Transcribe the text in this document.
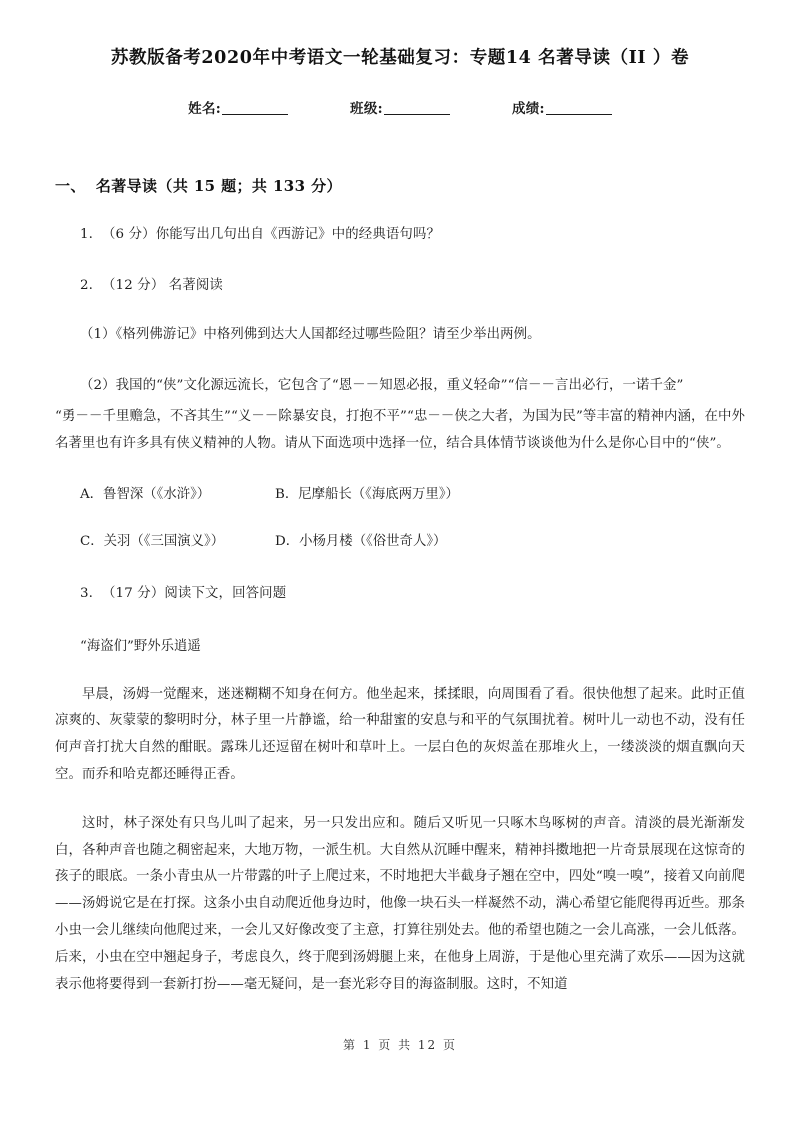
苏教版备考2020年中考语文一轮基础复习：专题14 名著导读（II ）卷
姓名:	班级:	成绩:
一、 名著导读（共 15 题；共 133 分）
1. （6 分）你能写出几句出自《西游记》中的经典语句吗？
2. （12 分） 名著阅读
（1）《格列佛游记》中格列佛到达大人国都经过哪些险阻？请至少举出两例。
（2）我国的“侠”文化源远流长，它包含了“恩－－知恩必报，重义轻命”“信－－言出必行，一诺千金”
“勇－－千里赡急，不吝其生”“义－－除暴安良，打抱不平”“忠－－侠之大者，为国为民”等丰富的精神内涵，在中外名著里也有许多具有侠义精神的人物。请从下面选项中选择一位，结合具体情节谈谈他为什么是你心目中的“侠”。
A．鲁智深（《水浒》）	B．尼摩船长（《海底两万里》）
C．关羽（《三国演义》）	D．小杨月楼（《俗世奇人》）
3. （17 分）阅读下文，回答问题
“海盗们”野外乐逍遥
早晨，汤姆一觉醒来，迷迷糊糊不知身在何方。他坐起来，揉揉眼，向周围看了看。很快他想了起来。此时正值凉爽的、灰蒙蒙的黎明时分，林子里一片静谧，给一种甜蜜的安息与和平的气氛围扰着。树叶儿一动也不动，没有任何声音打扰大自然的酣眠。露珠儿还逗留在树叶和草叶上。一层白色的灰烬盖在那堆火上，一缕淡淡的烟直飘向天空。而乔和哈克都还睡得正香。
这时，林子深处有只鸟儿叫了起来，另一只发出应和。随后又听见一只啄木鸟啄树的声音。清淡的晨光渐渐发白，各种声音也随之稠密起来，大地万物，一派生机。大自然从沉睡中醒来，精神抖擞地把一片奇景展现在这惊奇的孩子的眼底。一条小青虫从一片带露的叶子上爬过来，不时地把大半截身子翘在空中，四处“嗅一嗅”，接着又向前爬——汤姆说它是在打探。这条小虫自动爬近他身边时，他像一块石头一样凝然不动，满心希望它能爬得再近些。那条小虫一会儿继续向他爬过来，一会儿又好像改变了主意，打算往别处去。他的希望也随之一会儿高涨，一会儿低落。后来，小虫在空中翘起身子，考虑良久，终于爬到汤姆腿上来，在他身上周游，于是他心里充满了欢乐——因为这就表示他将要得到一套新打扮——毫无疑问，是一套光彩夺目的海盗制服。这时，不知道
第 1 页 共 12 页
